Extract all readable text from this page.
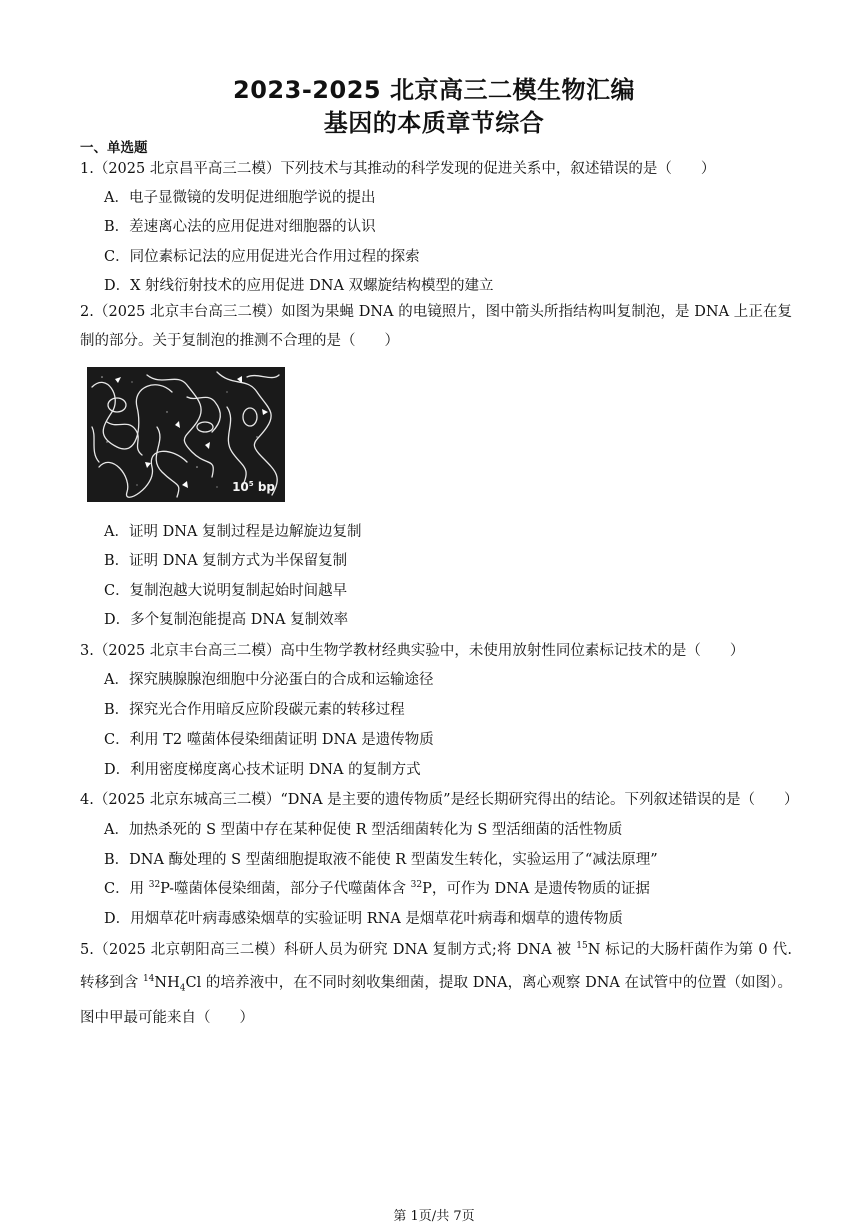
2023-2025 北京高三二模生物汇编
基因的本质章节综合
一、单选题
1.（2025 北京昌平高三二模）下列技术与其推动的科学发现的促进关系中，叙述错误的是（　　）
A．电子显微镜的发明促进细胞学说的提出
B．差速离心法的应用促进对细胞器的认识
C．同位素标记法的应用促进光合作用过程的探索
D．X 射线衍射技术的应用促进 DNA 双螺旋结构模型的建立
2.（2025 北京丰台高三二模）如图为果蝇 DNA 的电镜照片，图中箭头所指结构叫复制泡，是 DNA 上正在复制的部分。关于复制泡的推测不合理的是（　　）
$10^5$ bp
A．证明 DNA 复制过程是边解旋边复制
B．证明 DNA 复制方式为半保留复制
C．复制泡越大说明复制起始时间越早
D．多个复制泡能提高 DNA 复制效率
3.（2025 北京丰台高三二模）高中生物学教材经典实验中，未使用放射性同位素标记技术的是（　　）
A．探究胰腺腺泡细胞中分泌蛋白的合成和运输途径
B．探究光合作用暗反应阶段碳元素的转移过程
C．利用 T2 噬菌体侵染细菌证明 DNA 是遗传物质
D．利用密度梯度离心技术证明 DNA 的复制方式
4.（2025 北京东城高三二模）“DNA 是主要的遗传物质”是经长期研究得出的结论。下列叙述错误的是（　　）
A．加热杀死的 S 型菌中存在某种促使 R 型活细菌转化为 S 型活细菌的活性物质
B．DNA 酶处理的 S 型菌细胞提取液不能使 R 型菌发生转化，实验运用了“减法原理”
C．用 $^{32}$P-噬菌体侵染细菌，部分子代噬菌体含 $^{32}$P，可作为 DNA 是遗传物质的证据
D．用烟草花叶病毒感染烟草的实验证明 RNA 是烟草花叶病毒和烟草的遗传物质
5.（2025 北京朝阳高三二模）科研人员为研究 DNA 复制方式;将 DNA 被 $^{15}$N 标记的大肠杆菌作为第 0 代.转移到含 $^{14}NH_4Cl$ 的培养液中，在不同时刻收集细菌，提取 DNA，离心观察 DNA 在试管中的位置（如图）。图中甲最可能来自（　　）
第 1页/共 7页
